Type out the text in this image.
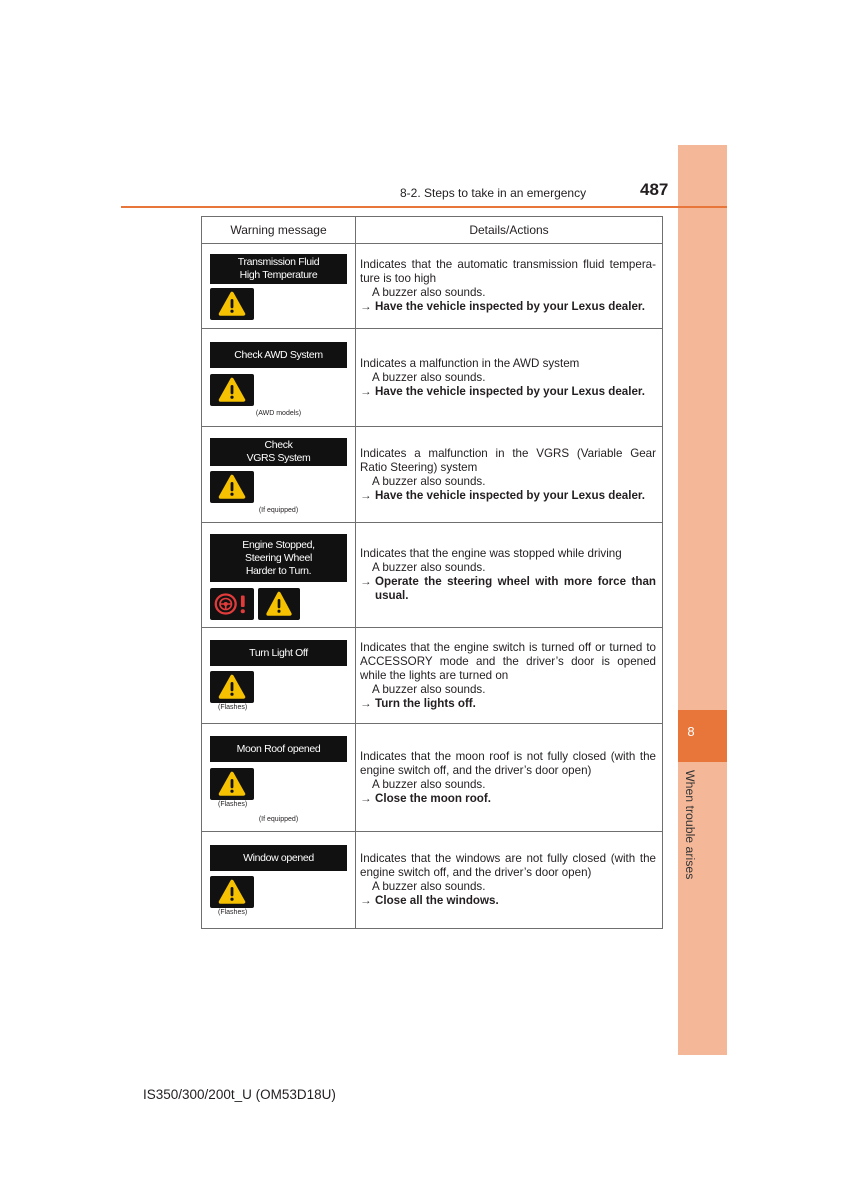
8
When trouble arises
8-2. Steps to take in an emergency	487
Warning message	Details/Actions
Transmission Fluid
High Temperature
Indicates that the automatic transmission fluid tempera-
ture is too high
A buzzer also sounds.
→ Have the vehicle inspected by your Lexus dealer.
Check AWD System
(AWD models)
Indicates a malfunction in the AWD system
A buzzer also sounds.
→ Have the vehicle inspected by your Lexus dealer.
Check
VGRS System
(If equipped)
Indicates a malfunction in the VGRS (Variable Gear
Ratio Steering) system
A buzzer also sounds.
→ Have the vehicle inspected by your Lexus dealer.
Engine Stopped,
Steering Wheel
Harder to Turn.
Indicates that the engine was stopped while driving
A buzzer also sounds.
→ Operate the steering wheel with more force than usual.
Turn Light Off
(Flashes)
Indicates that the engine switch is turned off or turned to
ACCESSORY mode and the driver’s door is opened
while the lights are turned on
A buzzer also sounds.
→ Turn the lights off.
Moon Roof opened
(Flashes)
(If equipped)
Indicates that the moon roof is not fully closed (with the
engine switch off, and the driver’s door open)
A buzzer also sounds.
→ Close the moon roof.
Window opened
(Flashes)
Indicates that the windows are not fully closed (with the
engine switch off, and the driver’s door open)
A buzzer also sounds.
→ Close all the windows.
IS350/300/200t_U (OM53D18U)
